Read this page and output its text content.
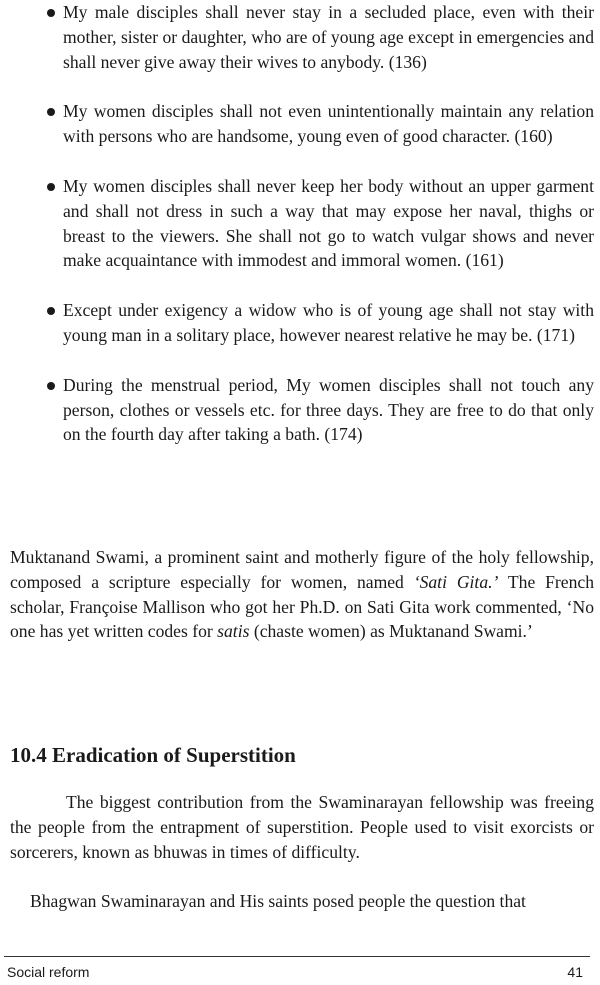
My male disciples shall never stay in a secluded place, even with their mother, sister or daughter, who are of young age except in emergencies and shall never give away their wives to anybody. (136)
My women disciples shall not even unintentionally maintain any relation with persons who are handsome, young even of good character. (160)
My women disciples shall never keep her body without an upper garment and shall not dress in such a way that may expose her naval, thighs or breast to the viewers. She shall not go to watch vulgar shows and never make acquaintance with immodest and immoral women. (161)
Except under exigency a widow who is of young age shall not stay with young man in a solitary place, however nearest relative he may be. (171)
During the menstrual period, My women disciples shall not touch any person, clothes or vessels etc. for three days. They are free to do that only on the fourth day after taking a bath. (174)

Muktanand Swami, a prominent saint and motherly figure of the holy fellowship, composed a scripture especially for women, named ‘Sati Gita.’ The French scholar, Françoise Mallison who got her Ph.D. on Sati Gita work commented, ‘No one has yet written codes for satis (chaste women) as Muktanand Swami.’

10.4 Eradication of Superstition

The biggest contribution from the Swaminarayan fellowship was freeing the people from the entrapment of superstition. People used to visit exorcists or sorcerers, known as bhuwas in times of difficulty.

Bhagwan Swaminarayan and His saints posed people the question that

Social reform	41
